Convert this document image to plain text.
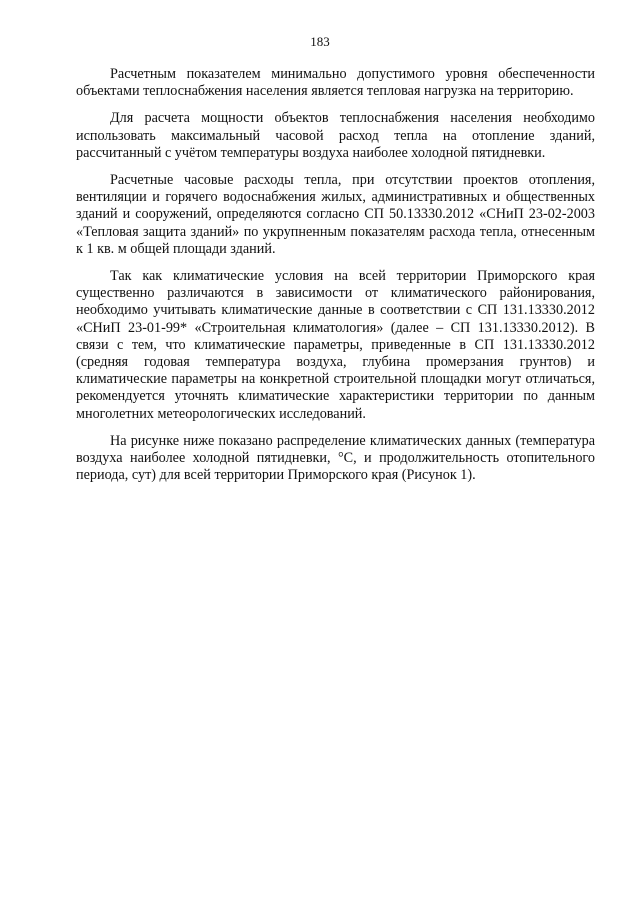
183

Расчетным показателем минимально допустимого уровня обеспеченности объектами теплоснабжения населения является тепловая нагрузка на территорию.

Для расчета мощности объектов теплоснабжения населения необходимо использовать максимальный часовой расход тепла на отопление зданий, рассчитанный с учётом температуры воздуха наиболее холодной пятидневки.

Расчетные часовые расходы тепла, при отсутствии проектов отопления, вентиляции и горячего водоснабжения жилых, административных и общественных зданий и сооружений, определяются согласно СП 50.13330.2012 «СНиП 23-02-2003 «Тепловая защита зданий» по укрупненным показателям расхода тепла, отнесенным к 1 кв. м общей площади зданий.

Так как климатические условия на всей территории Приморского края существенно различаются в зависимости от климатического районирования, необходимо учитывать климатические данные в соответствии с СП 131.13330.2012 «СНиП 23-01-99* «Строительная климатология» (далее – СП 131.13330.2012). В связи с тем, что климатические параметры, приведенные в СП 131.13330.2012 (средняя годовая температура воздуха, глубина промерзания грунтов) и климатические параметры на конкретной строительной площадки могут отличаться, рекомендуется уточнять климатические характеристики территории по данным многолетних метеорологических исследований.

На рисунке ниже показано распределение климатических данных (температура воздуха наиболее холодной пятидневки, °С, и продолжительность отопительного периода, сут) для всей территории Приморского края (Рисунок 1).
